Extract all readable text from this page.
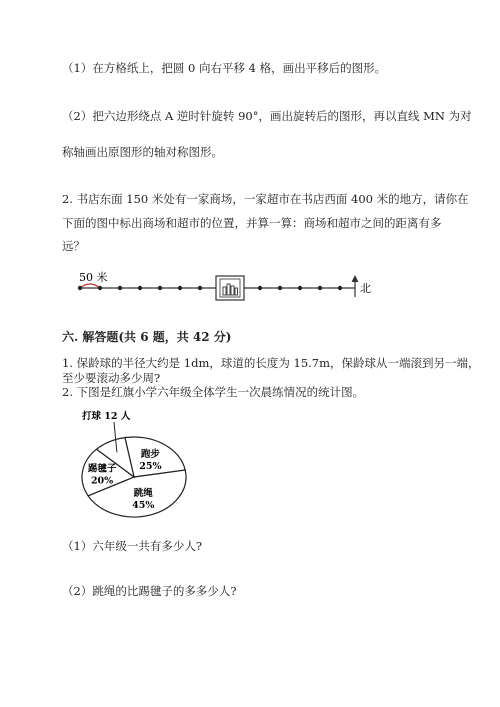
（1）在方格纸上，把圆 0 向右平移 4 格，画出平移后的图形。
（2）把六边形绕点 A 逆时针旋转 90°，画出旋转后的图形，再以直线 MN 为对
称轴画出原图形的轴对称图形。
2. 书店东面 150 米处有一家商场，一家超市在书店西面 400 米的地方，请你在
下面的图中标出商场和超市的位置，并算一算：商场和超市之间的距离有多
远？
50 米
北
六. 解答题(共 6 题，共 42 分)
1. 保龄球的半径大约是 1dm，球道的长度为 15.7m，保龄球从一端滚到另一端，
至少要滚动多少周?
2. 下图是红旗小学六年级全体学生一次晨练情况的统计图。
跑步
25%
跳绳
45%
踢毽子
20%
打球 12 人
（1）六年级一共有多少人?
（2）跳绳的比踢毽子的多多少人?
